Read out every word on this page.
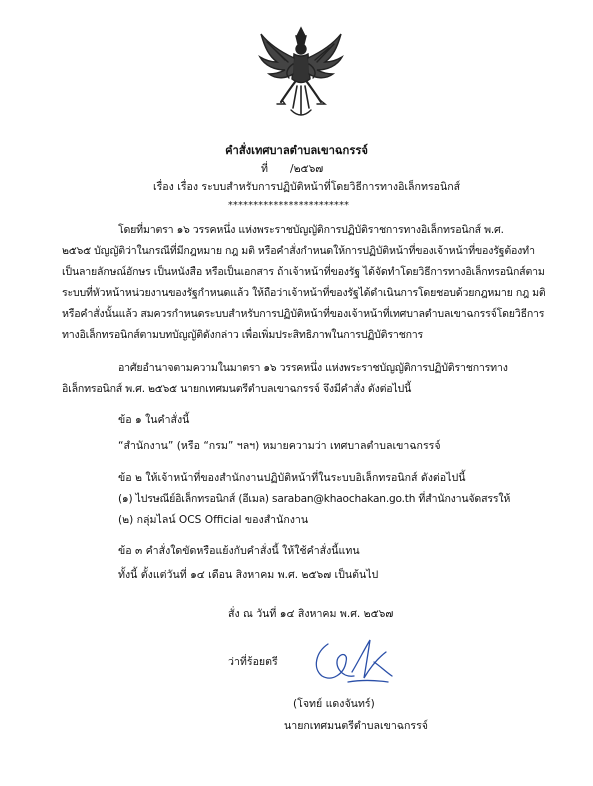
คำสั่งเทศบาลตำบลเขาฉกรรจ์
ที่ /๒๕๖๗
เรื่อง เรื่อง ระบบสำหรับการปฏิบัติหน้าที่โดยวิธีการทางอิเล็กทรอนิกส์
************************
โดยที่มาตรา ๑๖ วรรคหนึ่ง แห่งพระราชบัญญัติการปฏิบัติราชการทางอิเล็กทรอนิกส์ พ.ศ.
๒๕๖๕ บัญญัติว่าในกรณีที่มีกฎหมาย กฎ มติ หรือคำสั่งกำหนดให้การปฏิบัติหน้าที่ของเจ้าหน้าที่ของรัฐต้องทำ
เป็นลายลักษณ์อักษร เป็นหนังสือ หรือเป็นเอกสาร ถ้าเจ้าหน้าที่ของรัฐ ได้จัดทำโดยวิธีการทางอิเล็กทรอนิกส์ตาม
ระบบที่หัวหน้าหน่วยงานของรัฐกำหนดแล้ว ให้ถือว่าเจ้าหน้าที่ของรัฐได้ดำเนินการโดยชอบด้วยกฎหมาย กฎ มติ
หรือคำสั่งนั้นแล้ว สมควรกำหนดระบบสำหรับการปฏิบัติหน้าที่ของเจ้าหน้าที่เทศบาลตำบลเขาฉกรรจ์โดยวิธีการ
ทางอิเล็กทรอนิกส์ตามบทบัญญัติดังกล่าว เพื่อเพิ่มประสิทธิภาพในการปฏิบัติราชการ
อาศัยอำนาจตามความในมาตรา ๑๖ วรรคหนึ่ง แห่งพระราชบัญญัติการปฏิบัติราชการทาง
อิเล็กทรอนิกส์ พ.ศ. ๒๕๖๕ นายกเทศมนตรีตำบลเขาฉกรรจ์ จึงมีคำสั่ง ดังต่อไปนี้
ข้อ ๑ ในคำสั่งนี้
“สำนักงาน” (หรือ “กรม” ฯลฯ) หมายความว่า เทศบาลตำบลเขาฉกรรจ์
ข้อ ๒ ให้เจ้าหน้าที่ของสำนักงานปฏิบัติหน้าที่ในระบบอิเล็กทรอนิกส์ ดังต่อไปนี้
(๑) ไปรษณีย์อิเล็กทรอนิกส์ (อีเมล) saraban@khaochakan.go.th ที่สำนักงานจัดสรรให้
(๒) กลุ่มไลน์ OCS Official ของสำนักงาน
ข้อ ๓ คำสั่งใดขัดหรือแย้งกับคำสั่งนี้ ให้ใช้คำสั่งนี้แทน
ทั้งนี้ ตั้งแต่วันที่ ๑๔ เดือน สิงหาคม พ.ศ. ๒๕๖๗ เป็นต้นไป
สั่ง ณ วันที่ ๑๔ สิงหาคม พ.ศ. ๒๕๖๗
ว่าที่ร้อยตรี
(โจทย์ แดงจันทร์)
นายกเทศมนตรีตำบลเขาฉกรรจ์
